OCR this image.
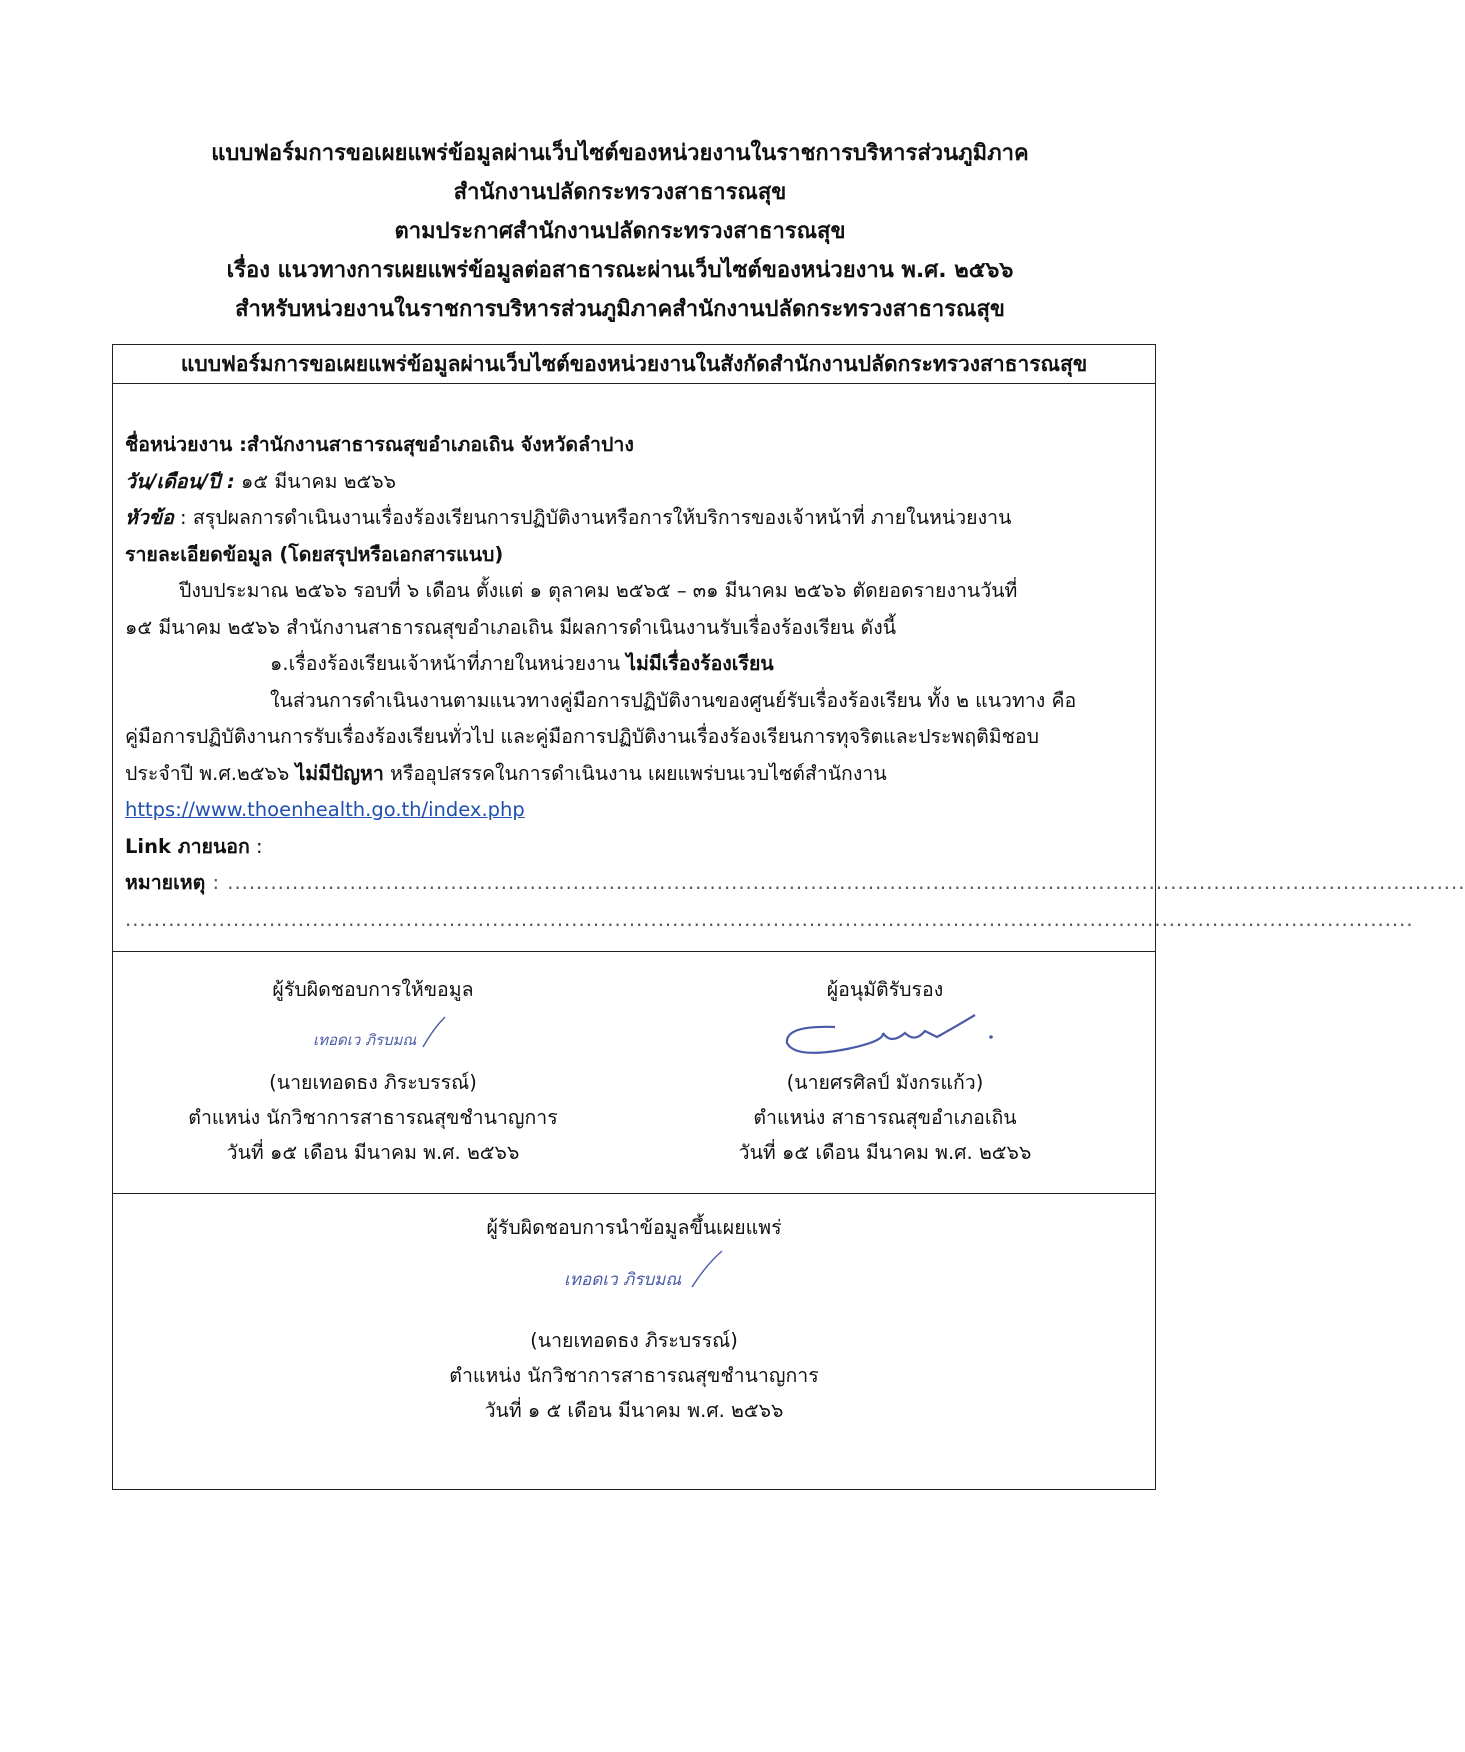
แบบฟอร์มการขอเผยแพร่ข้อมูลผ่านเว็บไซต์ของหน่วยงานในราชการบริหารส่วนภูมิภาค
สำนักงานปลัดกระทรวงสาธารณสุข
ตามประกาศสำนักงานปลัดกระทรวงสาธารณสุข
เรื่อง แนวทางการเผยแพร่ข้อมูลต่อสาธารณะผ่านเว็บไซต์ของหน่วยงาน พ.ศ. ๒๕๖๖
สำหรับหน่วยงานในราชการบริหารส่วนภูมิภาคสำนักงานปลัดกระทรวงสาธารณสุข
แบบฟอร์มการขอเผยแพร่ข้อมูลผ่านเว็บไซต์ของหน่วยงานในสังกัดสำนักงานปลัดกระทรวงสาธารณสุข
ชื่อหน่วยงาน :สำนักงานสาธารณสุขอำเภอเถิน จังหวัดลำปาง
วัน/เดือน/ปี : ๑๕ มีนาคม ๒๕๖๖
หัวข้อ : สรุปผลการดำเนินงานเรื่องร้องเรียนการปฏิบัติงานหรือการให้บริการของเจ้าหน้าที่ ภายในหน่วยงาน
รายละเอียดข้อมูล (โดยสรุปหรือเอกสารแนบ)
ปีงบประมาณ ๒๕๖๖ รอบที่ ๖ เดือน ตั้งแต่ ๑ ตุลาคม ๒๕๖๕ – ๓๑ มีนาคม ๒๕๖๖ ตัดยอดรายงานวันที่
๑๕ มีนาคม ๒๕๖๖ สำนักงานสาธารณสุขอำเภอเถิน มีผลการดำเนินงานรับเรื่องร้องเรียน ดังนี้
๑.เรื่องร้องเรียนเจ้าหน้าที่ภายในหน่วยงาน ไม่มีเรื่องร้องเรียน
ในส่วนการดำเนินงานตามแนวทางคู่มือการปฏิบัติงานของศูนย์รับเรื่องร้องเรียน ทั้ง ๒ แนวทาง คือ
คู่มือการปฏิบัติงานการรับเรื่องร้องเรียนทั่วไป และคู่มือการปฏิบัติงานเรื่องร้องเรียนการทุจริตและประพฤติมิชอบ
ประจำปี พ.ศ.๒๕๖๖ ไม่มีปัญหา หรืออุปสรรคในการดำเนินงาน เผยแพร่บนเวบไซต์สำนักงาน
https://www.thoenhealth.go.th/index.php
Link ภายนอก :
หมายเหตุ : ............................................................................................................................................................................
...................................................................................................................................................................................
ผู้รับผิดชอบการให้ขอมูล
เทอดเว ภิรบมณ
(นายเทอดธง ภิระบรรณ์)
ตำแหน่ง นักวิชาการสาธารณสุขชำนาญการ
วันที่ ๑๕ เดือน มีนาคม พ.ศ. ๒๕๖๖
ผู้อนุมัติรับรอง
(นายศรศิลป์ มังกรแก้ว)
ตำแหน่ง สาธารณสุขอำเภอเถิน
วันที่ ๑๕ เดือน มีนาคม พ.ศ. ๒๕๖๖
ผู้รับผิดชอบการนำข้อมูลขึ้นเผยแพร่
เทอดเว ภิรบมณ
(นายเทอดธง ภิระบรรณ์)
ตำแหน่ง นักวิชาการสาธารณสุขชำนาญการ
วันที่ ๑ ๕ เดือน มีนาคม พ.ศ. ๒๕๖๖
